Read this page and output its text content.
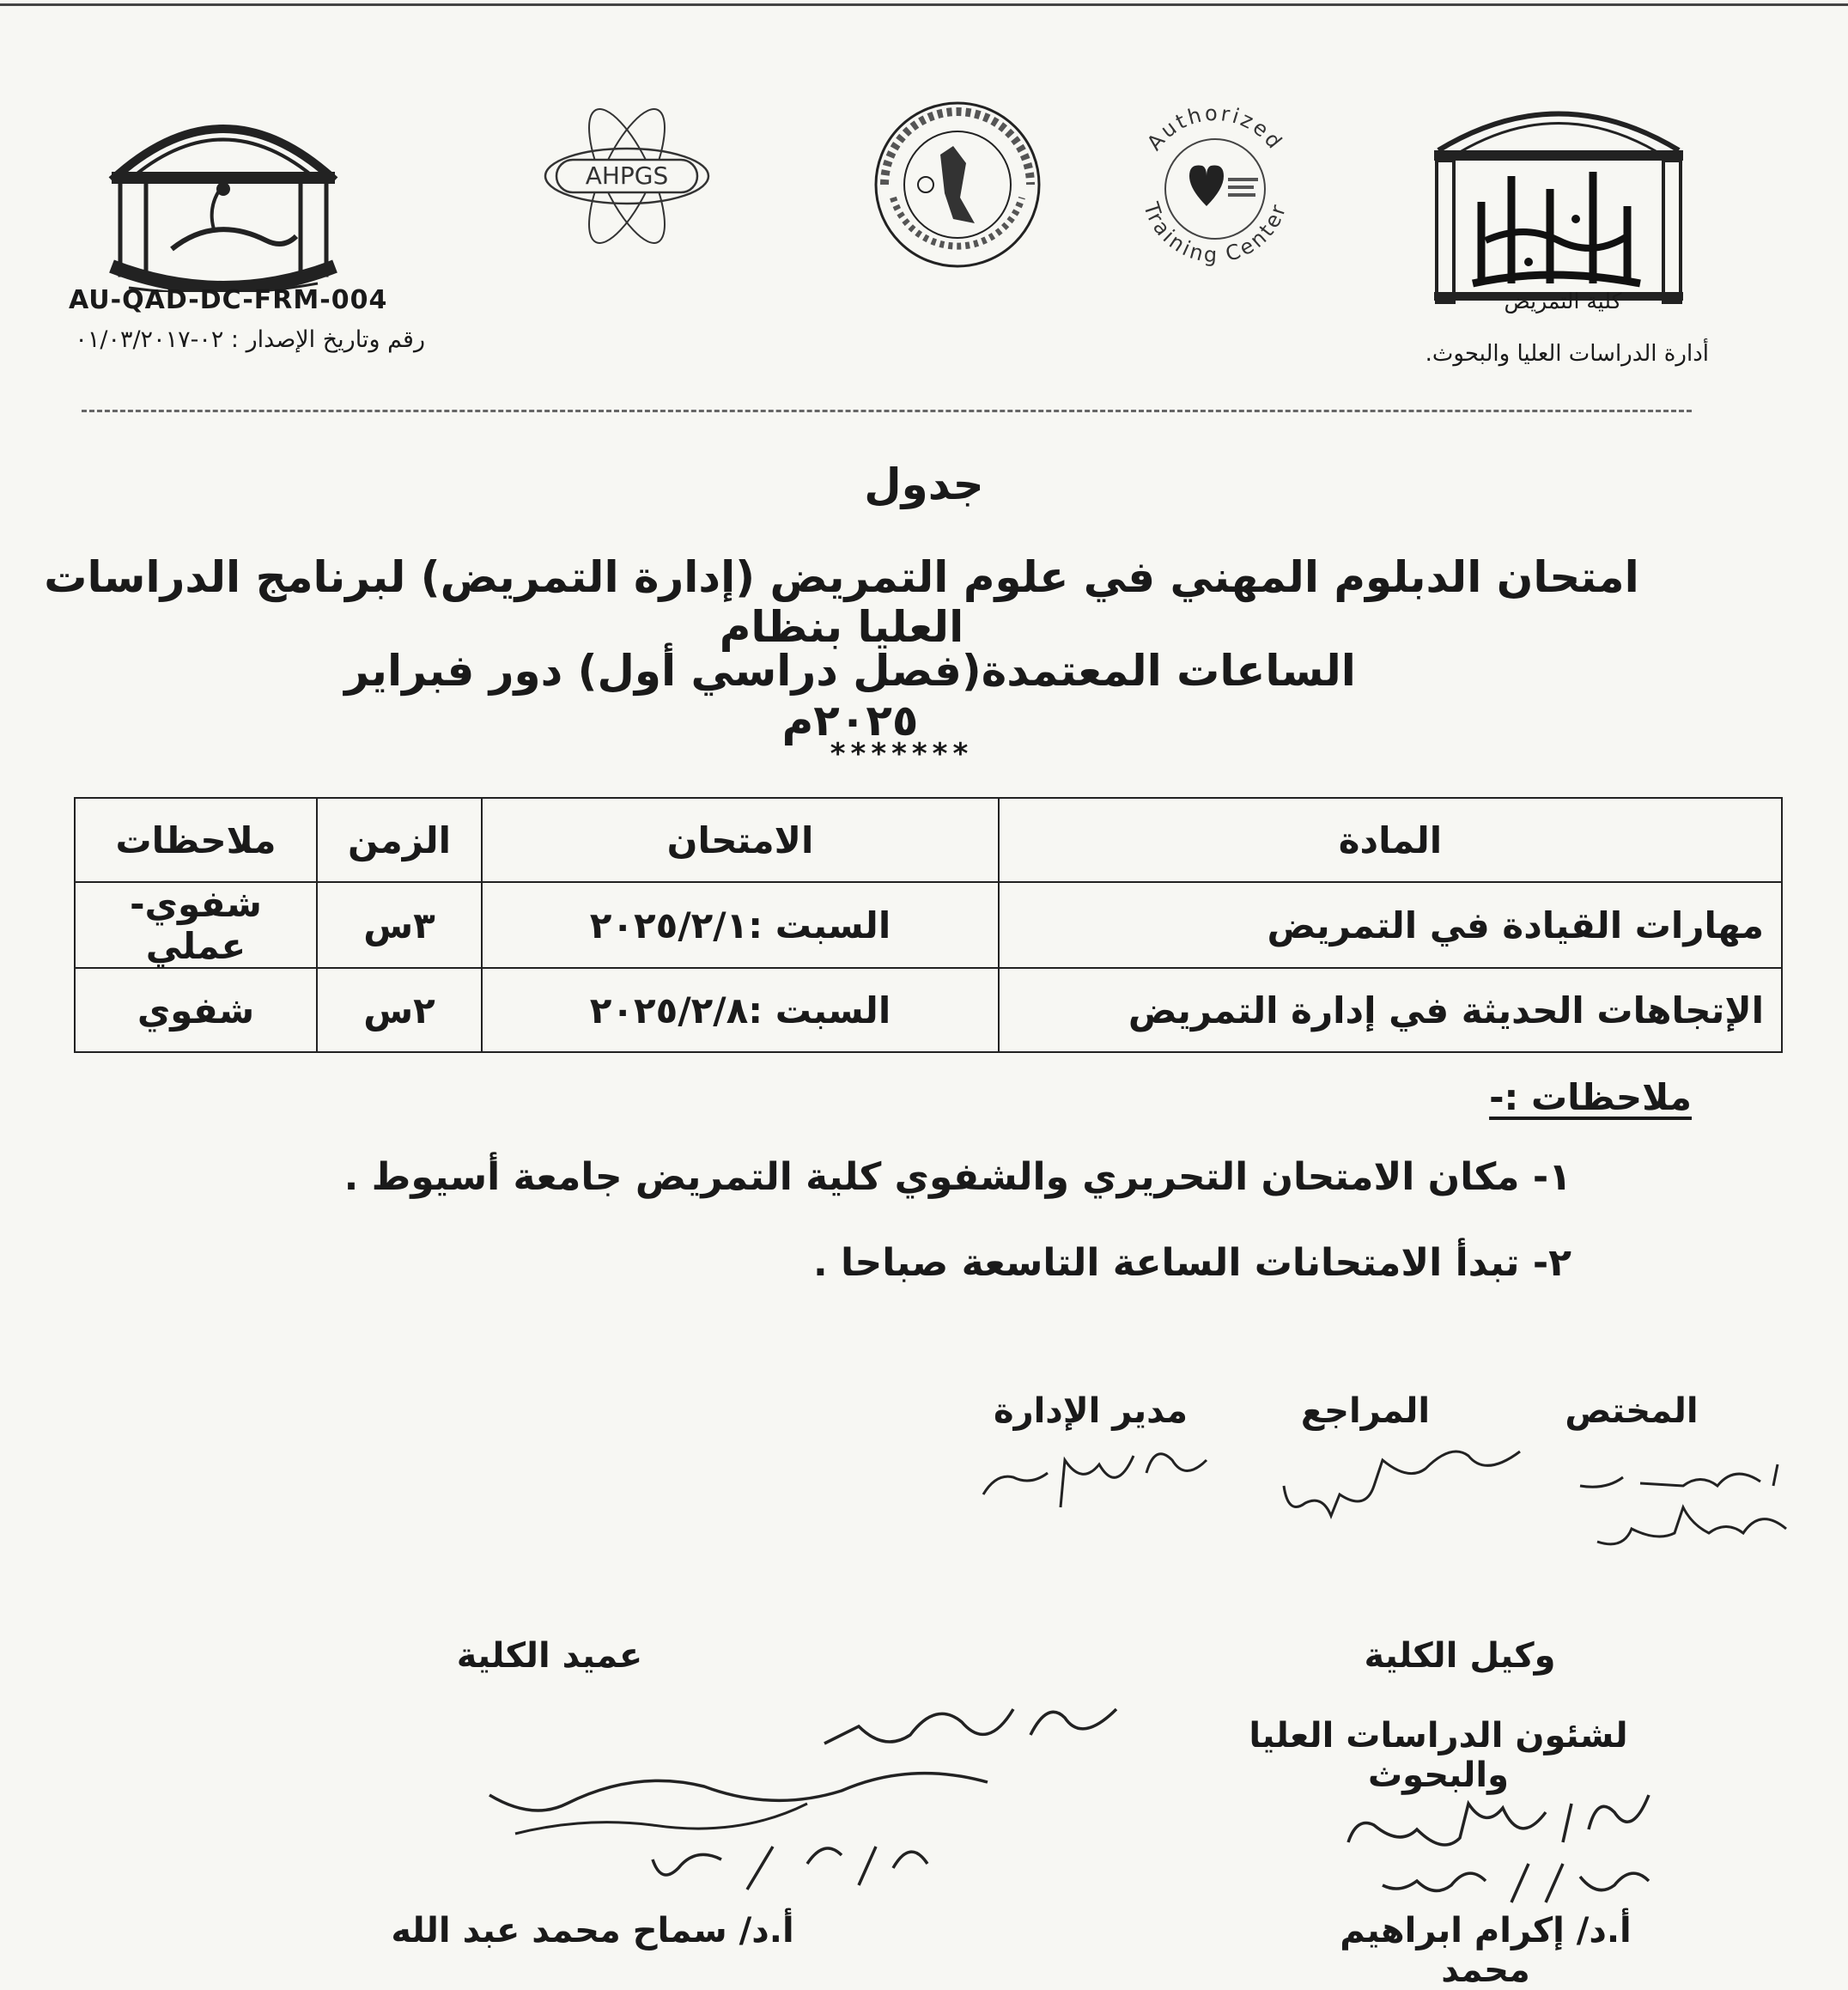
AHPGS
Authorized
Training Center
AU-QAD-DC-FRM-004
رقم وتاريخ الإصدار : ٠٢-٠١/٠٣/٢٠١٧
كلية التمريض
أدارة الدراسات العليا والبحوث.
جدول
امتحان الدبلوم المهني في علوم التمريض (إدارة التمريض) لبرنامج الدراسات العليا بنظام
الساعات المعتمدة(فصل دراسي أول) دور فبراير ٢٠٢٥م
*******
المادة	الامتحان	الزمن	ملاحظات
مهارات القيادة في التمريض	السبت :٢٠٢٥/٢/١	٣س	شفوي-عملي
الإتجاهات الحديثة في إدارة التمريض	السبت :٢٠٢٥/٢/٨	٢س	شفوي
ملاحظات :-
١- مكان الامتحان التحريري والشفوي كلية التمريض جامعة أسيوط .
٢- تبدأ الامتحانات الساعة التاسعة صباحا .
المختص
المراجع
مدير الإدارة
وكيل الكلية
لشئون الدراسات العليا والبحوث
عميد الكلية
أ.د/ إكرام ابراهيم محمد
أ.د/ سماح محمد عبد الله
